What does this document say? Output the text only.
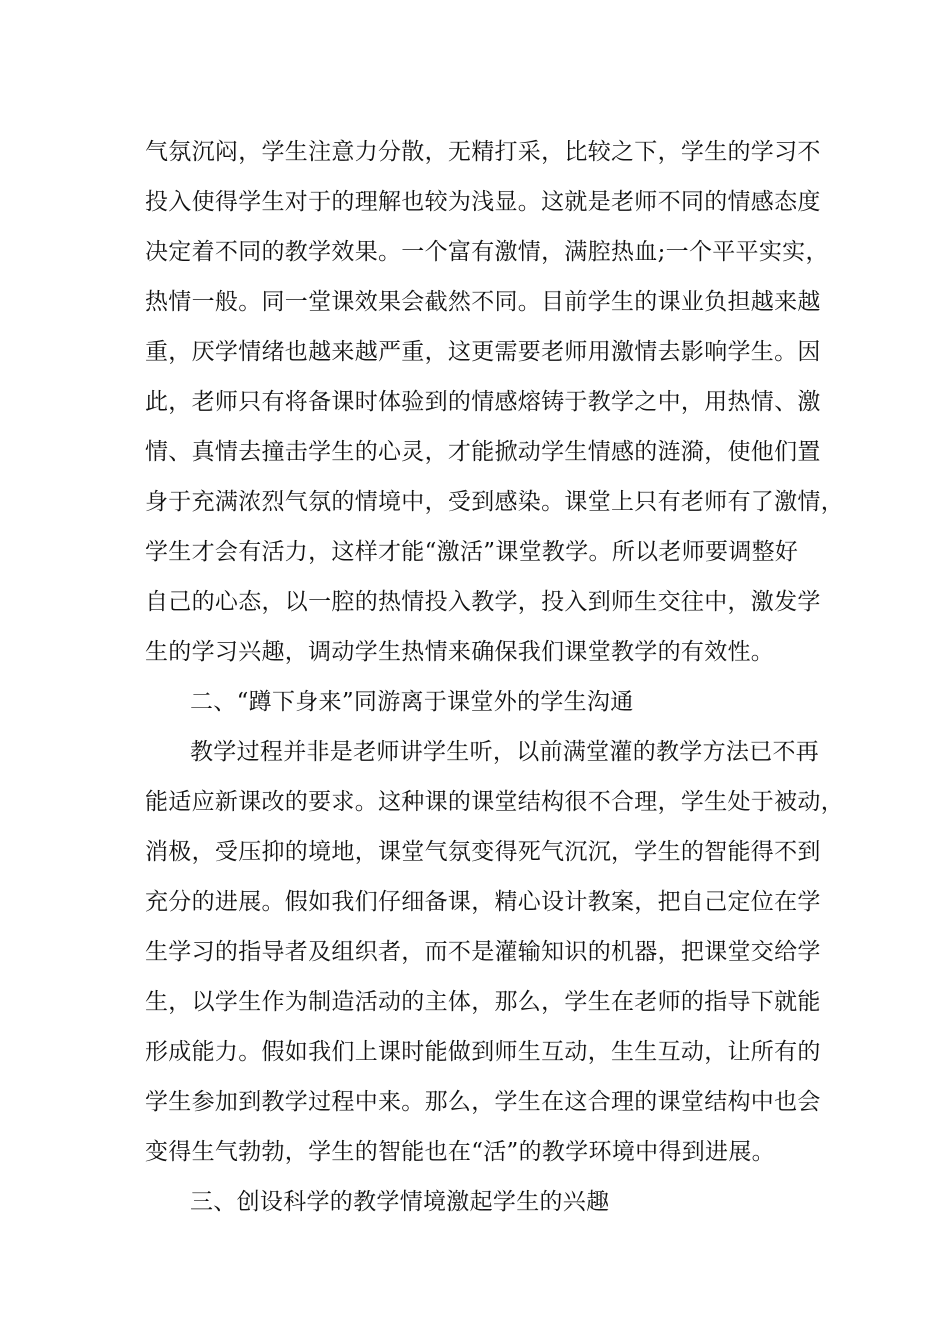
气氛沉闷，学生注意力分散，无精打采，比较之下，学生的学习不
投入使得学生对于的理解也较为浅显。这就是老师不同的情感态度
决定着不同的教学效果。一个富有激情，满腔热血;一个平平实实，
热情一般。同一堂课效果会截然不同。目前学生的课业负担越来越
重，厌学情绪也越来越严重，这更需要老师用激情去影响学生。因
此，老师只有将备课时体验到的情感熔铸于教学之中，用热情、激
情、真情去撞击学生的心灵，才能掀动学生情感的涟漪，使他们置
身于充满浓烈气氛的情境中，受到感染。课堂上只有老师有了激情，
学生才会有活力，这样才能“激活”课堂教学。所以老师要调整好
自己的心态，以一腔的热情投入教学，投入到师生交往中，激发学
生的学习兴趣，调动学生热情来确保我们课堂教学的有效性。
二、“蹲下身来”同游离于课堂外的学生沟通
教学过程并非是老师讲学生听，以前满堂灌的教学方法已不再
能适应新课改的要求。这种课的课堂结构很不合理，学生处于被动，
消极，受压抑的境地，课堂气氛变得死气沉沉，学生的智能得不到
充分的进展。假如我们仔细备课，精心设计教案，把自己定位在学
生学习的指导者及组织者，而不是灌输知识的机器，把课堂交给学
生，以学生作为制造活动的主体，那么，学生在老师的指导下就能
形成能力。假如我们上课时能做到师生互动，生生互动，让所有的
学生参加到教学过程中来。那么，学生在这合理的课堂结构中也会
变得生气勃勃，学生的智能也在“活”的教学环境中得到进展。
三、创设科学的教学情境激起学生的兴趣
